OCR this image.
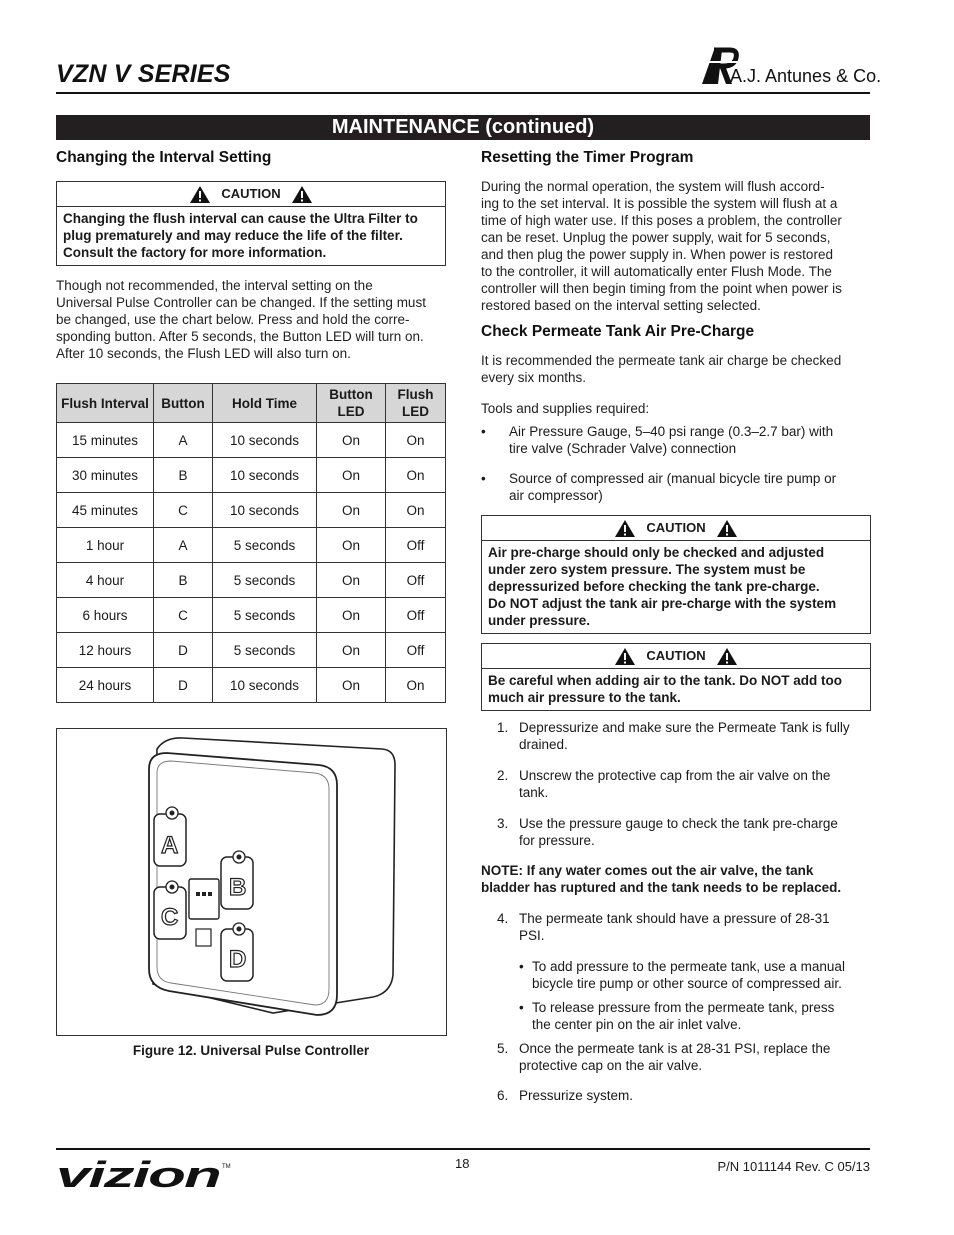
VZN V SERIES	A.J. Antunes & Co.
MAINTENANCE (continued)
Changing the Interval Setting
CAUTION
Changing the flush interval can cause the Ultra Filter to plug prematurely and may reduce the life of the filter. Consult the factory for more information.
Though not recommended, the interval setting on the
Universal Pulse Controller can be changed. If the setting must
be changed, use the chart below. Press and hold the corre-
sponding button. After 5 seconds, the Button LED will turn on.
After 10 seconds, the Flush LED will also turn on.
Flush Interval	Button	Hold Time	Button LED	Flush LED
15 minutes	A	10 seconds	On	On
30 minutes	B	10 seconds	On	On
45 minutes	C	10 seconds	On	On
1 hour	A	5 seconds	On	Off
4 hour	B	5 seconds	On	Off
6 hours	C	5 seconds	On	Off
12 hours	D	5 seconds	On	Off
24 hours	D	10 seconds	On	On
A
B
C
D
Figure 12. Universal Pulse Controller
Resetting the Timer Program
During the normal operation, the system will flush accord-
ing to the set interval. It is possible the system will flush at a
time of high water use. If this poses a problem, the controller
can be reset. Unplug the power supply, wait for 5 seconds,
and then plug the power supply in. When power is restored
to the controller, it will automatically enter Flush Mode. The
controller will then begin timing from the point when power is
restored based on the interval setting selected.
Check Permeate Tank Air Pre-Charge
It is recommended the permeate tank air charge be checked
every six months.

Tools and supplies required:

• Air Pressure Gauge, 5–40 psi range (0.3–2.7 bar) with
tire valve (Schrader Valve) connection
• Source of compressed air (manual bicycle tire pump or
air compressor)
CAUTION
Air pre-charge should only be checked and adjusted
under zero system pressure. The system must be
depressurized before checking the tank pre-charge.
Do NOT adjust the tank air pre-charge with the system
under pressure.
CAUTION
Be careful when adding air to the tank. Do NOT add too
much air pressure to the tank.
1. Depressurize and make sure the Permeate Tank is fully
drained.
2. Unscrew the protective cap from the air valve on the
tank.
3. Use the pressure gauge to check the tank pre-charge
for pressure.
NOTE: If any water comes out the air valve, the tank
bladder has ruptured and the tank needs to be replaced.
4. The permeate tank should have a pressure of 28-31
PSI.
• To add pressure to the permeate tank, use a manual
bicycle tire pump or other source of compressed air.
• To release pressure from the permeate tank, press
the center pin on the air inlet valve.
5. Once the permeate tank is at 28-31 PSI, replace the
protective cap on the air valve.
6. Pressurize system.
vizion TM	18	P/N 1011144 Rev. C 05/13
